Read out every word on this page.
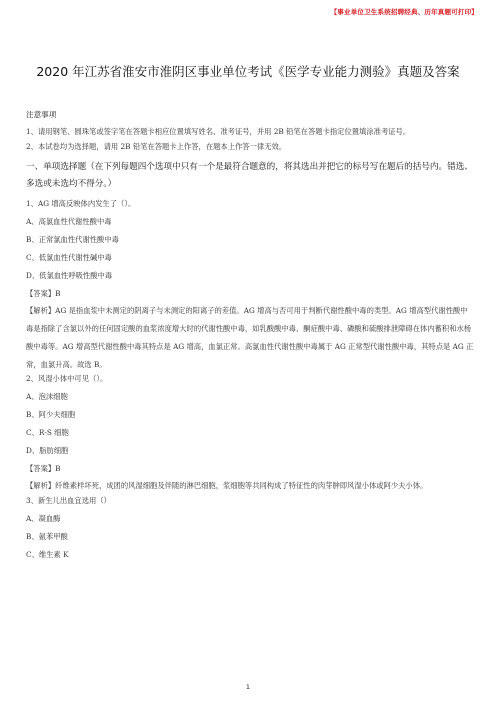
【事业单位卫生系统招聘经典、历年真题可打印】
2020 年江苏省淮安市淮阴区事业单位考试《医学专业能力测验》真题及答案
注意事项
1、请用钢笔、圆珠笔或签字笔在答题卡相应位置填写姓名、准考证号，并用 2B 铅笔在答题卡指定位置填涂准考证号。
2、本试卷均为选择题，请用 2B 铅笔在答题卡上作答，在题本上作答一律无效。
一、单项选择题（在下列每题四个选项中只有一个是最符合题意的，将其选出并把它的标号写在题后的括号内。错选、多选或未选均不得分。）
1、AG 增高反映体内发生了（）。
A、高氯血性代谢性酸中毒
B、正常氯血性代谢性酸中毒
C、低氯血性代谢性碱中毒
D、低氯血性呼吸性酸中毒
【答案】B
【解析】AG 是指血浆中未测定的阴离子与未测定的阳离子的差值。AG 增高与否可用于判断代谢性酸中毒的类型。AG 增高型代谢性酸中毒是指除了含氯以外的任何固定酸的血浆浓度增大时的代谢性酸中毒，如乳酸酸中毒、酮症酸中毒、磷酸和硫酸排泄障碍在体内蓄积和水杨酸中毒等。AG 增高型代谢性酸中毒其特点是 AG 增高，血氯正常。高氯血性代谢性酸中毒属于 AG 正常型代谢性酸中毒，其特点是 AG 正常，血氯升高。故选 B。
2、风湿小体中可见（）。
A、泡沫细胞
B、阿少夫细胞
C、R-S 细胞
D、脂肪细胞
【答案】B
【解析】纤维素样坏死，成团的风湿细胞及伴随的淋巴细胞，浆细胞等共同构成了特征性的肉芽肿即风湿小体或阿少夫小体。
3、新生儿出血宜选用（）
A、凝血酶
B、氨苯甲酸
C、维生素 K
1
